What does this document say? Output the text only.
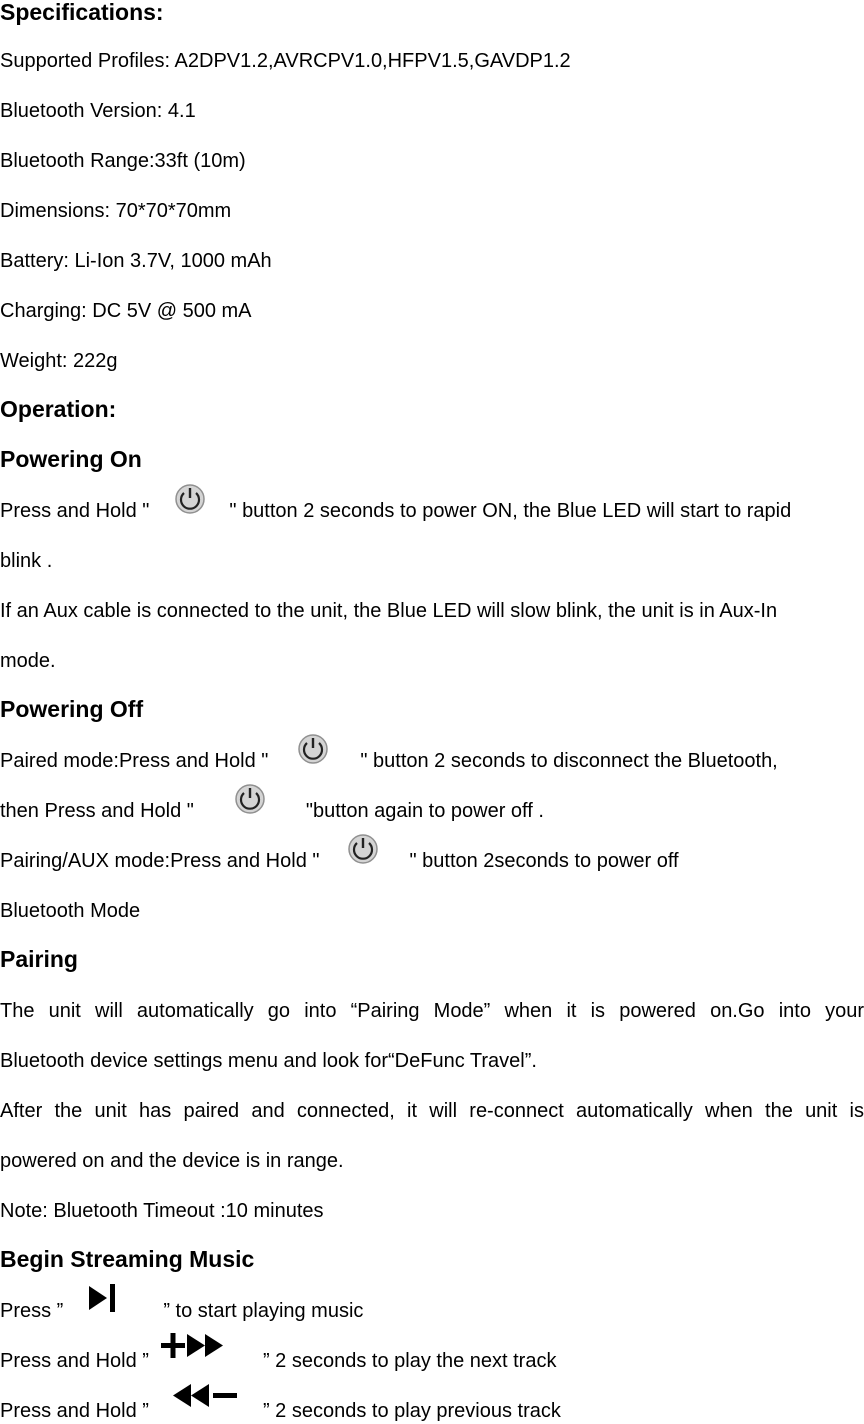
Specifications:
Supported Profiles: A2DPV1.2,AVRCPV1.0,HFPV1.5,GAVDP1.2
Bluetooth Version: 4.1
Bluetooth Range:33ft (10m)
Dimensions: 70*70*70mm
Battery: Li-Ion 3.7V, 1000 mAh
Charging: DC 5V @ 500 mA
Weight: 222g
Operation:
Powering On
Press and Hold "	" button 2 seconds to power ON, the Blue LED will start to rapid
blink .
If an Aux cable is connected to the unit, the Blue LED will slow blink, the unit is in Aux-In
mode.
Powering Off
Paired mode:Press and Hold "	" button 2 seconds to disconnect the Bluetooth,
then Press and Hold "	"button again to power off .
Pairing/AUX mode:Press and Hold "	" button 2seconds to power off
Bluetooth Mode
Pairing
The unit will automatically go into “Pairing Mode” when it is powered on.Go into your
Bluetooth device settings menu and look for“DeFunc Travel”.
After the unit has paired and connected, it will re-connect automatically when the unit is
powered on and the device is in range.
Note: Bluetooth Timeout :10 minutes
Begin Streaming Music
Press ”	” to start playing music
Press and Hold ”	” 2 seconds to play the next track
Press and Hold ”	” 2 seconds to play previous track
